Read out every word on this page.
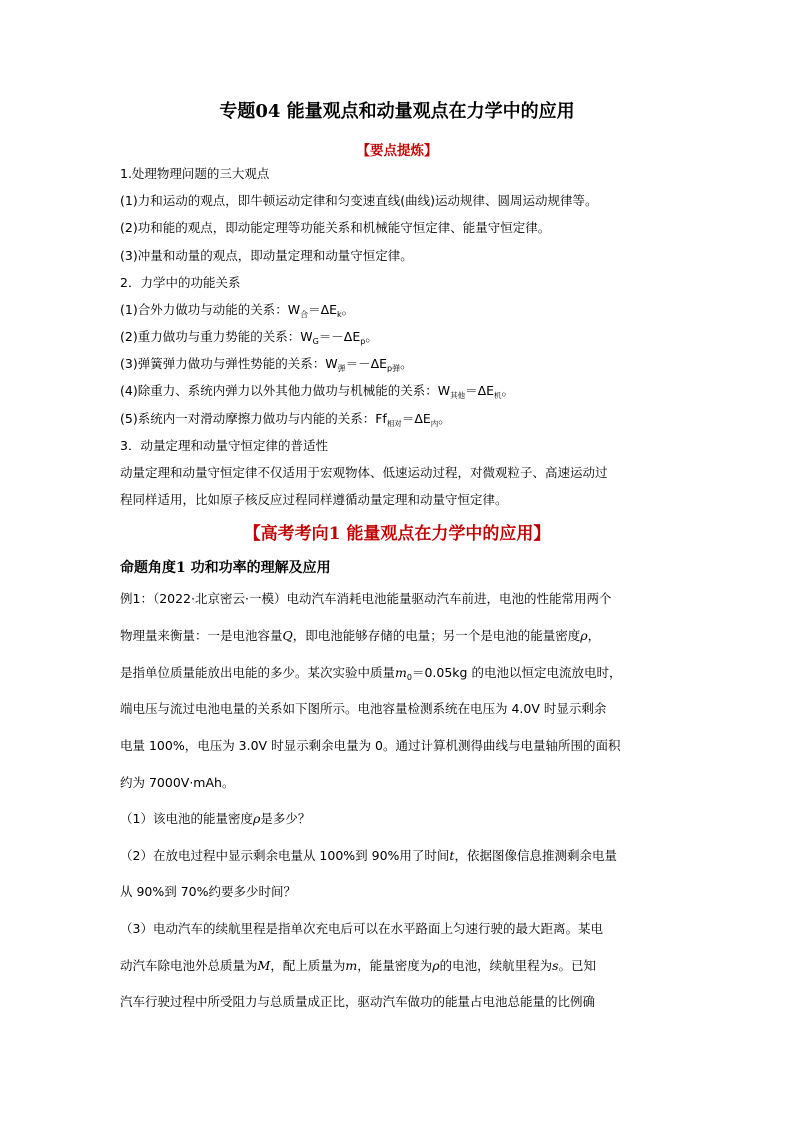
专题04 能量观点和动量观点在力学中的应用
【要点提炼】
1.处理物理问题的三大观点
(1)力和运动的观点，即牛顿运动定律和匀变速直线(曲线)运动规律、圆周运动规律等。
(2)功和能的观点，即动能定理等功能关系和机械能守恒定律、能量守恒定律。
(3)冲量和动量的观点，即动量定理和动量守恒定律。
2．力学中的功能关系
(1)合外力做功与动能的关系：$W_合=\Delta E_k$。
(2)重力做功与重力势能的关系：$W_G=-\Delta E_p$。
(3)弹簧弹力做功与弹性势能的关系：$W_弹=-\Delta E_{p弹}$。
(4)除重力、系统内弹力以外其他力做功与机械能的关系：$W_{其他}=\Delta E_机$。
(5)系统内一对滑动摩擦力做功与内能的关系：$Ff_{相对}=\Delta E_内$。
3．动量定理和动量守恒定律的普适性
动量定理和动量守恒定律不仅适用于宏观物体、低速运动过程，对微观粒子、高速运动过
程同样适用，比如原子核反应过程同样遵循动量定理和动量守恒定律。
【高考考向1 能量观点在力学中的应用】
命题角度1 功和功率的理解及应用
例1：（2022·北京密云·一模）电动汽车消耗电池能量驱动汽车前进，电池的性能常用两个
物理量来衡量：一是电池容量Q，即电池能够存储的电量；另一个是电池的能量密度ρ，
是指单位质量能放出电能的多少。某次实验中质量$m_0=0.05kg$ 的电池以恒定电流放电时，
端电压与流过电池电量的关系如下图所示。电池容量检测系统在电压为 4.0V 时显示剩余
电量 100%，电压为 3.0V 时显示剩余电量为 0。通过计算机测得曲线与电量轴所围的面积
约为 7000V·mAh。
（1）该电池的能量密度ρ是多少？
（2）在放电过程中显示剩余电量从 100%到 90%用了时间t，依据图像信息推测剩余电量
从 90%到 70%约要多少时间？
（3）电动汽车的续航里程是指单次充电后可以在水平路面上匀速行驶的最大距离。某电
动汽车除电池外总质量为M，配上质量为m，能量密度为ρ的电池，续航里程为s。已知
汽车行驶过程中所受阻力与总质量成正比，驱动汽车做功的能量占电池总能量的比例确
